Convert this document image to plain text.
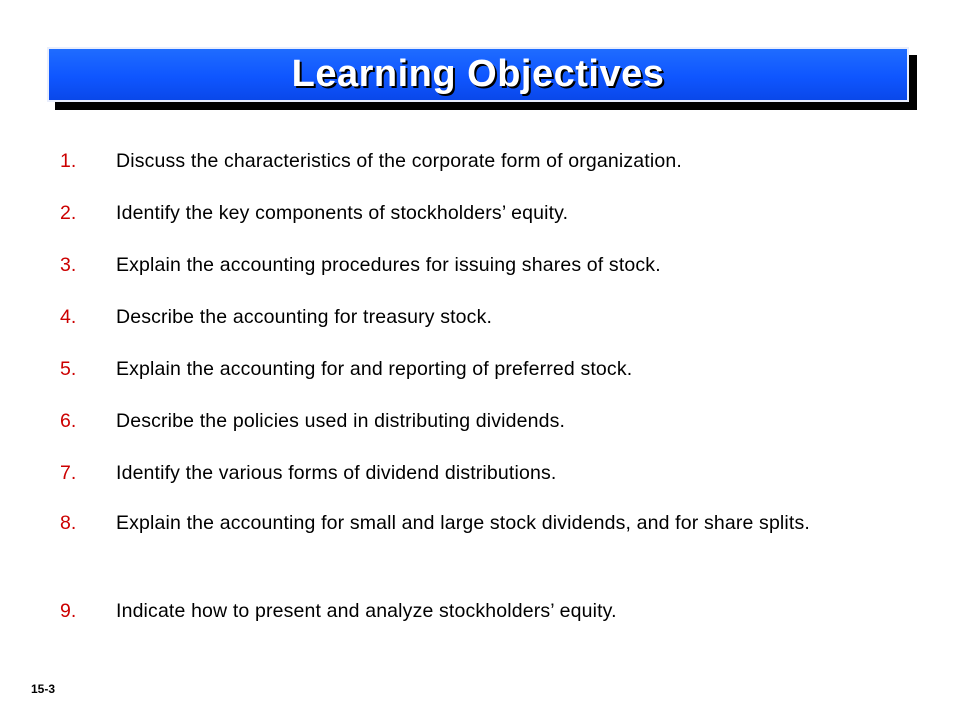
Learning Objectives
1.	Discuss the characteristics of the corporate form of organization.
2.	Identify the key components of stockholders’ equity.
3.	Explain the accounting procedures for issuing shares of stock.
4.	Describe the accounting for treasury stock.
5.	Explain the accounting for and reporting of preferred stock.
6.	Describe the policies used in distributing dividends.
7.	Identify the various forms of dividend distributions.
8.	Explain the accounting for small and large stock dividends, and for share splits.
9.	Indicate how to present and analyze stockholders’ equity.
15-3
